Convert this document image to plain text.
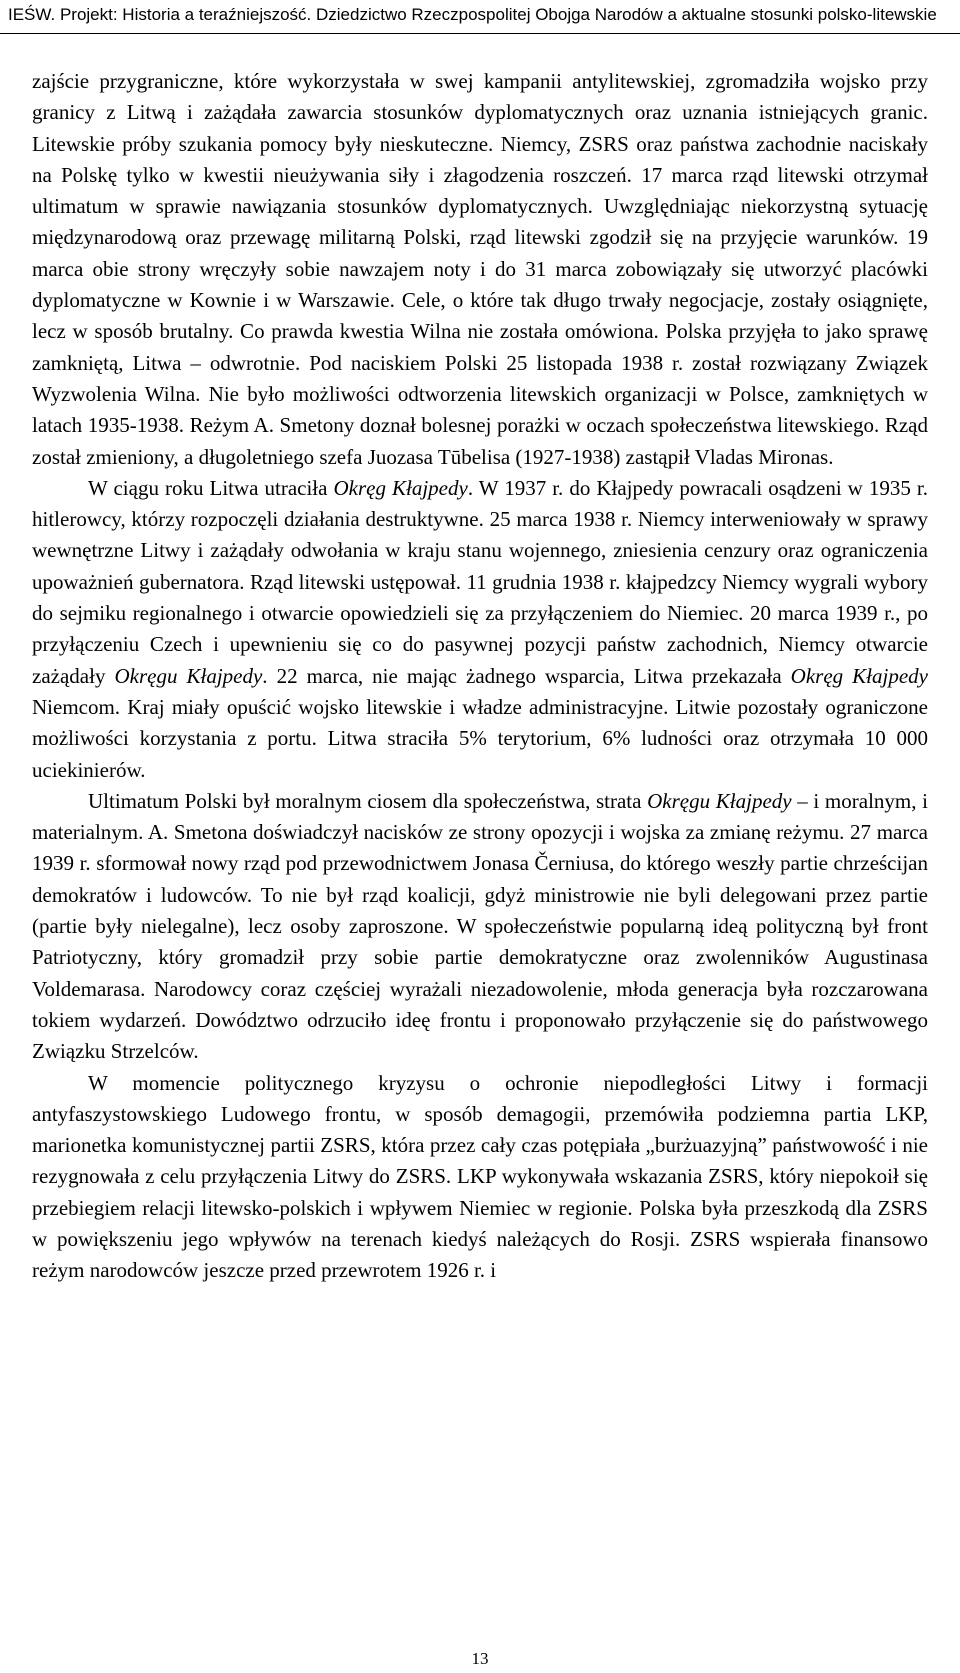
IEŚW. Projekt: Historia a teraźniejszość. Dziedzictwo Rzeczpospolitej Obojga Narodów a aktualne stosunki polsko-litewskie

zajście przygraniczne, które wykorzystała w swej kampanii antylitewskiej, zgromadziła wojsko przy granicy z Litwą i zażądała zawarcia stosunków dyplomatycznych oraz uznania istniejących granic. Litewskie próby szukania pomocy były nieskuteczne. Niemcy, ZSRS oraz państwa zachodnie naciskały na Polskę tylko w kwestii nieużywania siły i złagodzenia roszczeń. 17 marca rząd litewski otrzymał ultimatum w sprawie nawiązania stosunków dyplomatycznych. Uwzględniając niekorzystną sytuację międzynarodową oraz przewagę militarną Polski, rząd litewski zgodził się na przyjęcie warunków. 19 marca obie strony wręczyły sobie nawzajem noty i do 31 marca zobowiązały się utworzyć placówki dyplomatyczne w Kownie i w Warszawie. Cele, o które tak długo trwały negocjacje, zostały osiągnięte, lecz w sposób brutalny. Co prawda kwestia Wilna nie została omówiona. Polska przyjęła to jako sprawę zamkniętą, Litwa – odwrotnie. Pod naciskiem Polski 25 listopada 1938 r. został rozwiązany Związek Wyzwolenia Wilna. Nie było możliwości odtworzenia litewskich organizacji w Polsce, zamkniętych w latach 1935-1938. Reżym A. Smetony doznał bolesnej porażki w oczach społeczeństwa litewskiego. Rząd został zmieniony, a długoletniego szefa Juozasa Tūbelisa (1927-1938) zastąpił Vladas Mironas.

W ciągu roku Litwa utraciła Okręg Kłajpedy. W 1937 r. do Kłajpedy powracali osądzeni w 1935 r. hitlerowcy, którzy rozpoczęli działania destruktywne. 25 marca 1938 r. Niemcy interweniowały w sprawy wewnętrzne Litwy i zażądały odwołania w kraju stanu wojennego, zniesienia cenzury oraz ograniczenia upoważnień gubernatora. Rząd litewski ustępował. 11 grudnia 1938 r. kłajpedzcy Niemcy wygrali wybory do sejmiku regionalnego i otwarcie opowiedzieli się za przyłączeniem do Niemiec. 20 marca 1939 r., po przyłączeniu Czech i upewnieniu się co do pasywnej pozycji państw zachodnich, Niemcy otwarcie zażądały Okręgu Kłajpedy. 22 marca, nie mając żadnego wsparcia, Litwa przekazała Okręg Kłajpedy Niemcom. Kraj miały opuścić wojsko litewskie i władze administracyjne. Litwie pozostały ograniczone możliwości korzystania z portu. Litwa straciła 5% terytorium, 6% ludności oraz otrzymała 10 000 uciekinierów.

Ultimatum Polski był moralnym ciosem dla społeczeństwa, strata Okręgu Kłajpedy – i moralnym, i materialnym. A. Smetona doświadczył nacisków ze strony opozycji i wojska za zmianę reżymu. 27 marca 1939 r. sformował nowy rząd pod przewodnictwem Jonasa Černiusa, do którego weszły partie chrześcijan demokratów i ludowców. To nie był rząd koalicji, gdyż ministrowie nie byli delegowani przez partie (partie były nielegalne), lecz osoby zaproszone. W społeczeństwie popularną ideą polityczną był front Patriotyczny, który gromadził przy sobie partie demokratyczne oraz zwolenników Augustinasa Voldemarasa. Narodowcy coraz częściej wyrażali niezadowolenie, młoda generacja była rozczarowana tokiem wydarzeń. Dowództwo odrzuciło ideę frontu i proponowało przyłączenie się do państwowego Związku Strzelców.

W momencie politycznego kryzysu o ochronie niepodległości Litwy i formacji antyfaszystowskiego Ludowego frontu, w sposób demagogii, przemówiła podziemna partia LKP, marionetka komunistycznej partii ZSRS, która przez cały czas potępiała „burżuazyjną” państwowość i nie rezygnowała z celu przyłączenia Litwy do ZSRS. LKP wykonywała wskazania ZSRS, który niepokoił się przebiegiem relacji litewsko-polskich i wpływem Niemiec w regionie. Polska była przeszkodą dla ZSRS w powiększeniu jego wpływów na terenach kiedyś należących do Rosji. ZSRS wspierała finansowo reżym narodowców jeszcze przed przewrotem 1926 r. i

13
